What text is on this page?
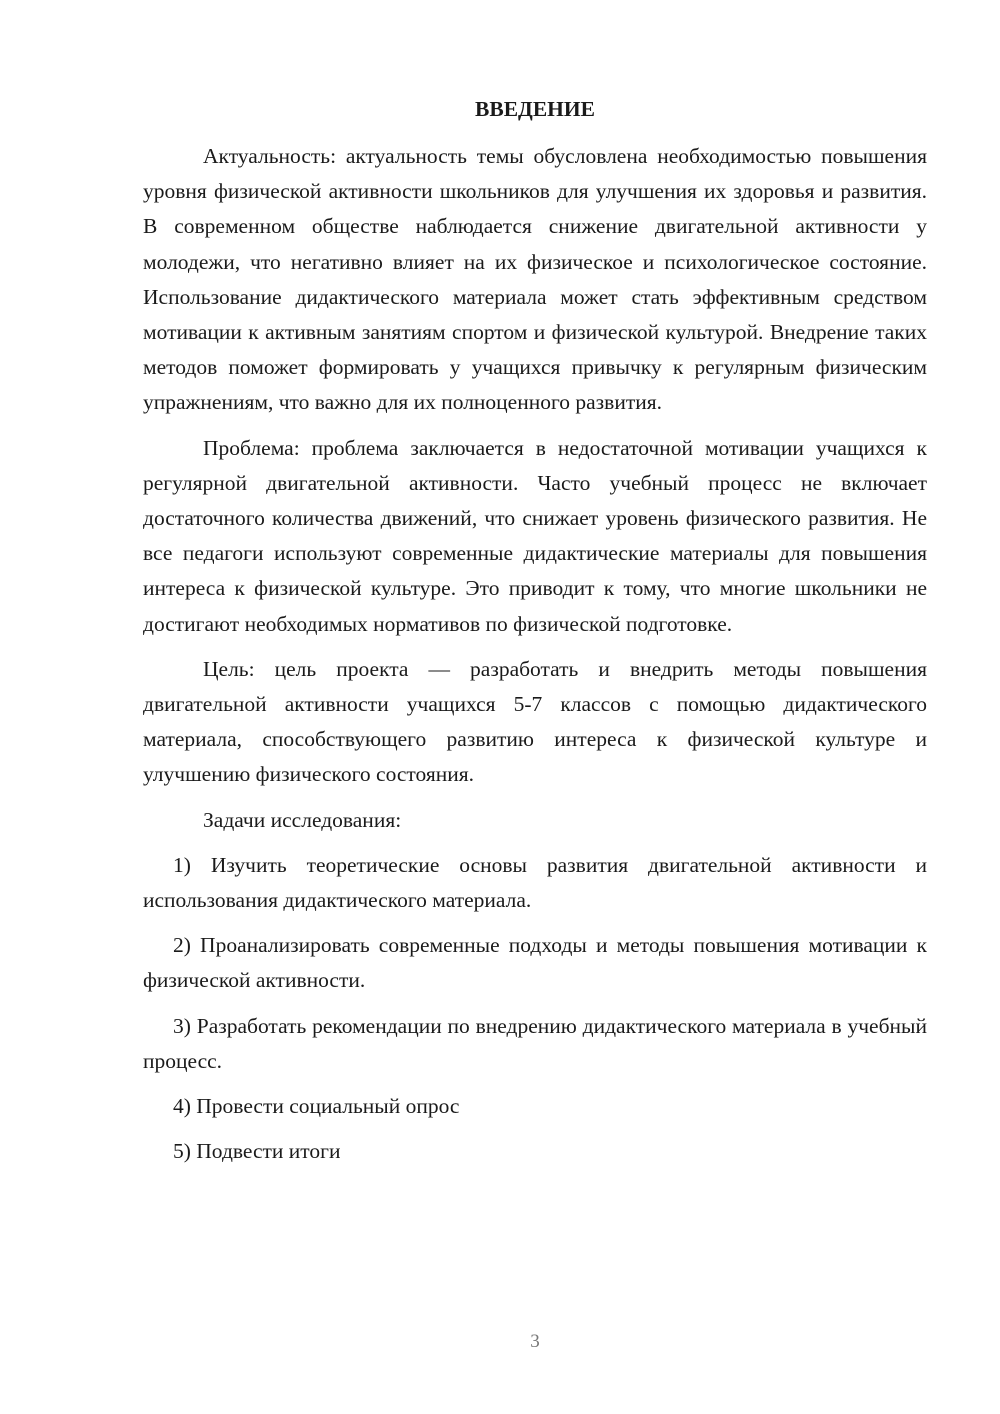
ВВЕДЕНИЕ

Актуальность: актуальность темы обусловлена необходимостью повышения уровня физической активности школьников для улучшения их здоровья и развития. В современном обществе наблюдается снижение двигательной активности у молодежи, что негативно влияет на их физическое и психологическое состояние. Использование дидактического материала может стать эффективным средством мотивации к активным занятиям спортом и физической культурой. Внедрение таких методов поможет формировать у учащихся привычку к регулярным физическим упражнениям, что важно для их полноценного развития.

Проблема: проблема заключается в недостаточной мотивации учащихся к регулярной двигательной активности. Часто учебный процесс не включает достаточного количества движений, что снижает уровень физического развития. Не все педагоги используют современные дидактические материалы для повышения интереса к физической культуре. Это приводит к тому, что многие школьники не достигают необходимых нормативов по физической подготовке.

Цель: цель проекта — разработать и внедрить методы повышения двигательной активности учащихся 5-7 классов с помощью дидактического материала, способствующего развитию интереса к физической культуре и улучшению физического состояния.

Задачи исследования:

1) Изучить теоретические основы развития двигательной активности и использования дидактического материала.

2) Проанализировать современные подходы и методы повышения мотивации к физической активности.

3) Разработать рекомендации по внедрению дидактического материала в учебный процесс.

4) Провести социальный опрос

5) Подвести итоги

3
